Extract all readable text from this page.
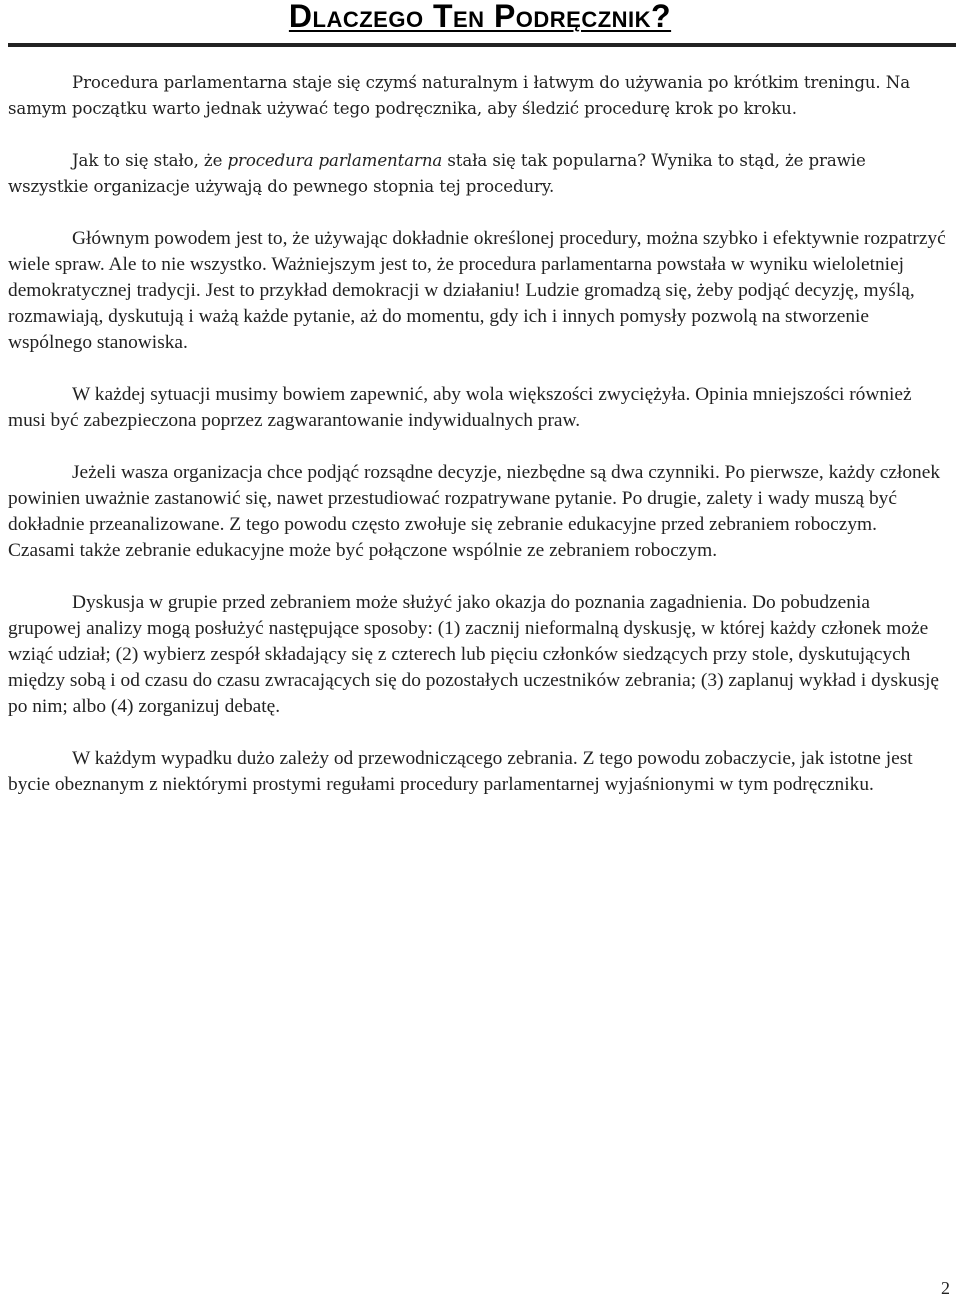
Dlaczego Ten Podręcznik?

Procedura parlamentarna staje się czymś naturalnym i łatwym do używania po krótkim treningu. Na samym początku warto jednak używać tego podręcznika, aby śledzić procedurę krok po kroku.

Jak to się stało, że procedura parlamentarna stała się tak popularna? Wynika to stąd, że prawie wszystkie organizacje używają do pewnego stopnia tej procedury.

Głównym powodem jest to, że używając dokładnie określonej procedury, można szybko i efektywnie rozpatrzyć wiele spraw. Ale to nie wszystko. Ważniejszym jest to, że procedura parlamentarna powstała w wyniku wieloletniej demokratycznej tradycji. Jest to przykład demokracji w działaniu! Ludzie gromadzą się, żeby podjąć decyzję, myślą, rozmawiają, dyskutują i ważą każde pytanie, aż do momentu, gdy ich i innych pomysły pozwolą na stworzenie wspólnego stanowiska.

W każdej sytuacji musimy bowiem zapewnić, aby wola większości zwyciężyła. Opinia mniejszości również musi być zabezpieczona poprzez zagwarantowanie indywidualnych praw.

Jeżeli wasza organizacja chce podjąć rozsądne decyzje, niezbędne są dwa czynniki. Po pierwsze, każdy członek powinien uważnie zastanowić się, nawet przestudiować rozpatrywane pytanie. Po drugie, zalety i wady muszą być dokładnie przeanalizowane. Z tego powodu często zwołuje się zebranie edukacyjne przed zebraniem roboczym. Czasami także zebranie edukacyjne może być połączone wspólnie ze zebraniem roboczym.

Dyskusja w grupie przed zebraniem może służyć jako okazja do poznania zagadnienia. Do pobudzenia grupowej analizy mogą posłużyć następujące sposoby: (1) zacznij nieformalną dyskusję, w której każdy członek może wziąć udział; (2) wybierz zespół składający się z czterech lub pięciu członków siedzących przy stole, dyskutujących między sobą i od czasu do czasu zwracających się do pozostałych uczestników zebrania; (3) zaplanuj wykład i dyskusję po nim; albo (4) zorganizuj debatę.

W każdym wypadku dużo zależy od przewodniczącego zebrania. Z tego powodu zobaczycie, jak istotne jest bycie obeznanym z niektórymi prostymi regułami procedury parlamentarnej wyjaśnionymi w tym podręczniku.

2
